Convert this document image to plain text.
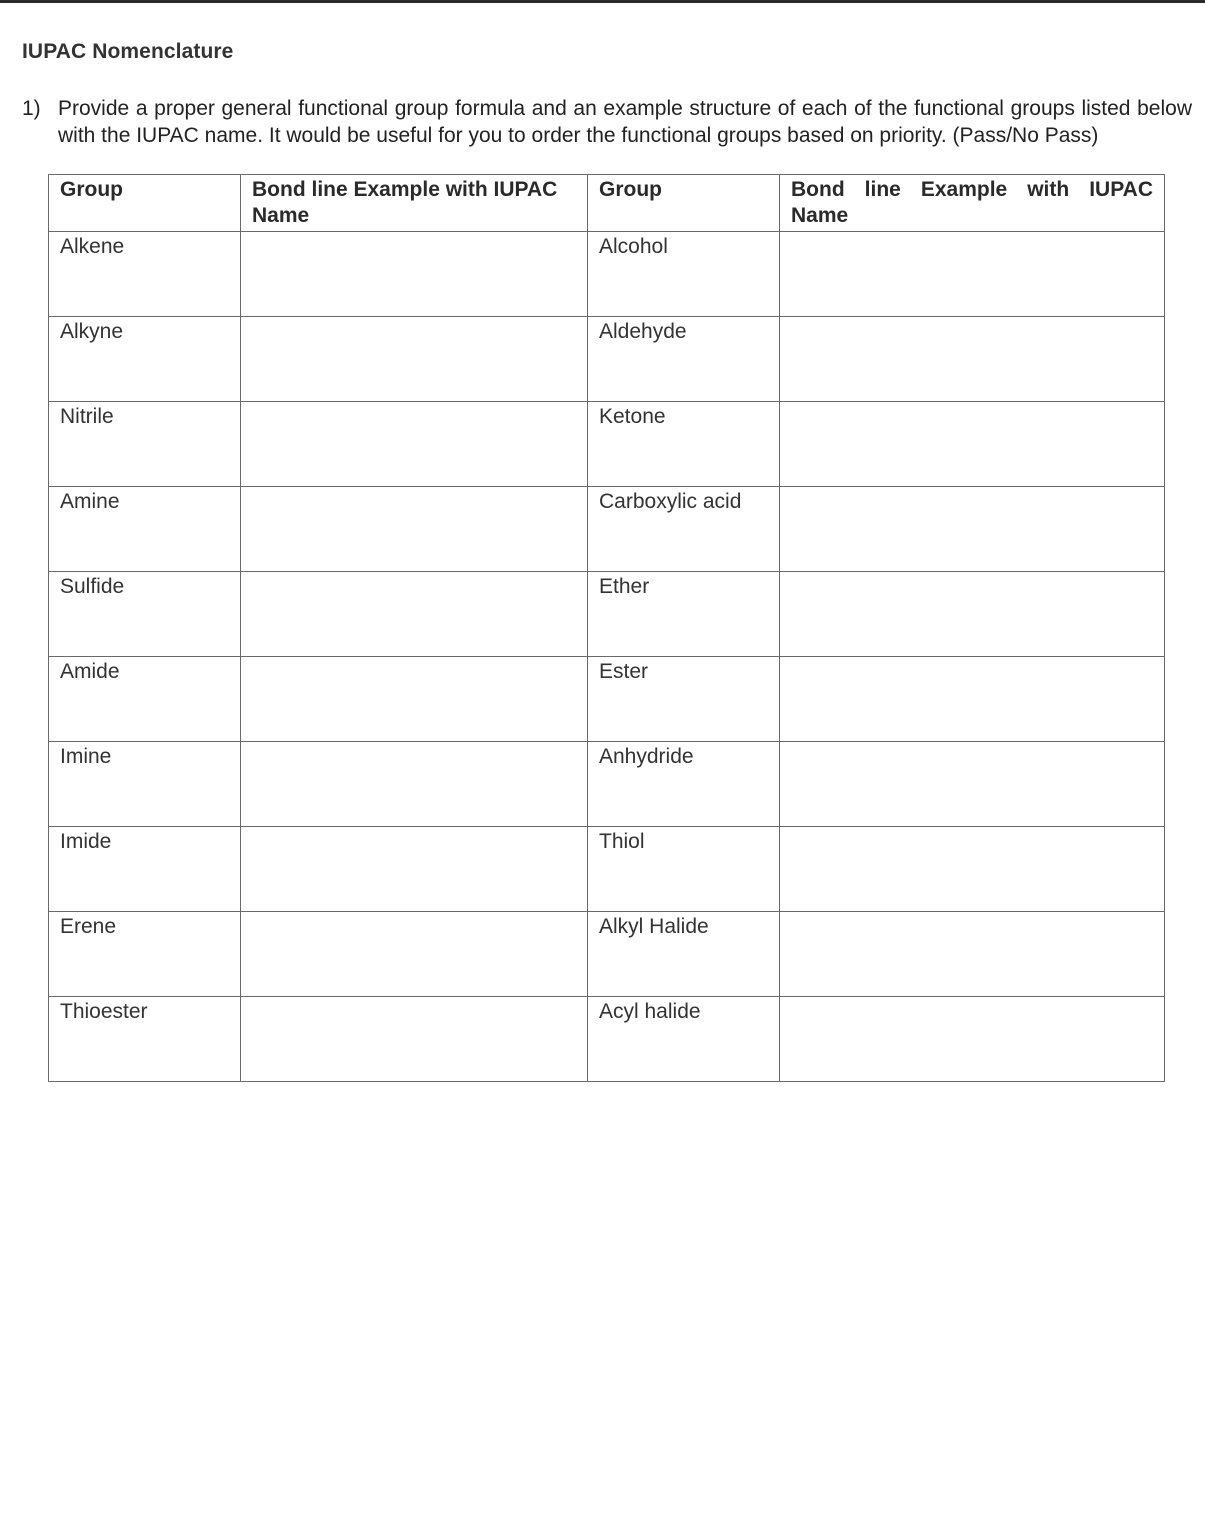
IUPAC Nomenclature
1) Provide a proper general functional group formula and an example structure of each of the functional groups listed below with the IUPAC name. It would be useful for you to order the functional groups based on priority. (Pass/No Pass)
Group	Bond line Example with IUPAC Name	Group	Bond line Example with IUPAC Name
Alkene		Alcohol	
Alkyne		Aldehyde	
Nitrile		Ketone	
Amine		Carboxylic acid	
Sulfide		Ether	
Amide		Ester	
Imine		Anhydride	
Imide		Thiol	
Erene		Alkyl Halide	
Thioester		Acyl halide	
